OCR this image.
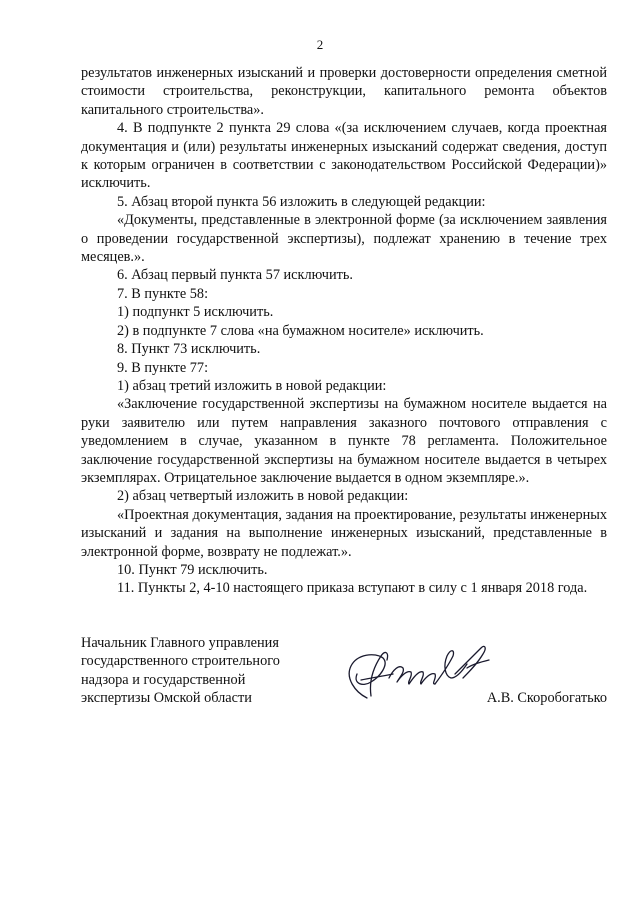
2

результатов инженерных изысканий и проверки достоверности определения сметной стоимости строительства, реконструкции, капитального ремонта объектов капитального строительства».

4. В подпункте 2 пункта 29 слова «(за исключением случаев, когда проектная документация и (или) результаты инженерных изысканий содержат сведения, доступ к которым ограничен в соответствии с законодательством Российской Федерации)» исключить.

5. Абзац второй пункта 56 изложить в следующей редакции:

«Документы, представленные в электронной форме (за исключением заявления о проведении государственной экспертизы), подлежат хранению в течение трех месяцев.».

6. Абзац первый пункта 57 исключить.

7. В пункте 58:

1) подпункт 5 исключить.

2) в подпункте 7 слова «на бумажном носителе» исключить.

8. Пункт 73 исключить.

9. В пункте 77:

1) абзац третий изложить в новой редакции:

«Заключение государственной экспертизы на бумажном носителе выдается на руки заявителю или путем направления заказного почтового отправления с уведомлением в случае, указанном в пункте 78 регламента. Положительное заключение государственной экспертизы на бумажном носителе выдается в четырех экземплярах. Отрицательное заключение выдается в одном экземпляре.».

2) абзац четвертый изложить в новой редакции:

«Проектная документация, задания на проектирование, результаты инженерных изысканий и задания на выполнение инженерных изысканий, представленные в электронной форме, возврату не подлежат.».

10. Пункт 79 исключить.

11. Пункты 2, 4-10 настоящего приказа вступают в силу с 1 января 2018 года.

Начальник Главного управления
государственного строительного
надзора и государственной
экспертизы Омской области	А.В. Скоробогатько
